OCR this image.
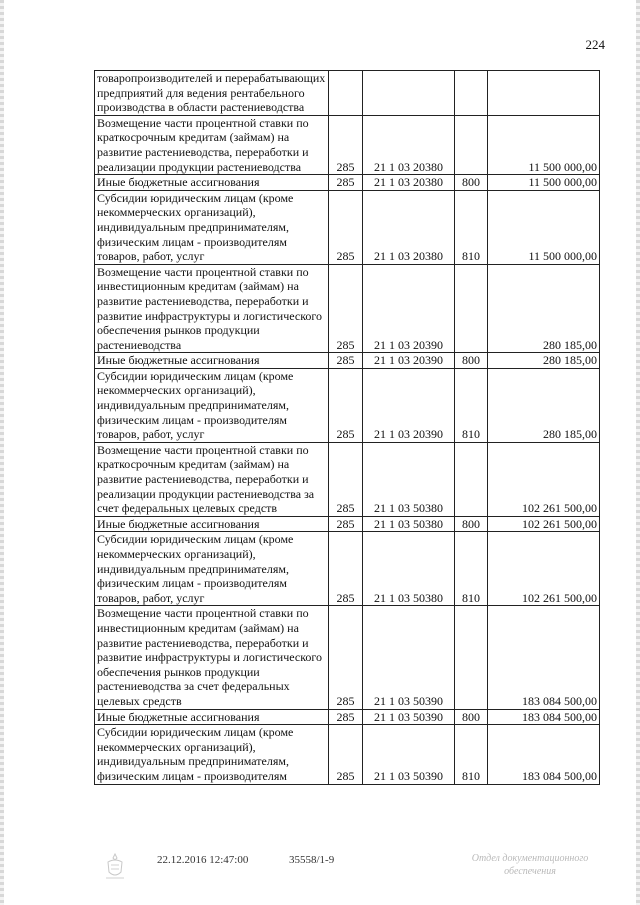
224
товаропроизводителей и перерабатывающих предприятий для ведения рентабельного производства в области растениеводства				
Возмещение части процентной ставки по краткосрочным кредитам (займам) на развитие растениеводства, переработки и реализации продукции растениеводства	285	21 1 03 20380		11 500 000,00
Иные бюджетные ассигнования	285	21 1 03 20380	800	11 500 000,00
Субсидии юридическим лицам (кроме некоммерческих организаций), индивидуальным предпринимателям, физическим лицам - производителям товаров, работ, услуг	285	21 1 03 20380	810	11 500 000,00
Возмещение части процентной ставки по инвестиционным кредитам (займам) на развитие растениеводства, переработки и развитие инфраструктуры и логистического обеспечения рынков продукции растениеводства	285	21 1 03 20390		280 185,00
Иные бюджетные ассигнования	285	21 1 03 20390	800	280 185,00
Субсидии юридическим лицам (кроме некоммерческих организаций), индивидуальным предпринимателям, физическим лицам - производителям товаров, работ, услуг	285	21 1 03 20390	810	280 185,00
Возмещение части процентной ставки по краткосрочным кредитам (займам) на развитие растениеводства, переработки и реализации продукции растениеводства за счет федеральных целевых средств	285	21 1 03 50380		102 261 500,00
Иные бюджетные ассигнования	285	21 1 03 50380	800	102 261 500,00
Субсидии юридическим лицам (кроме некоммерческих организаций), индивидуальным предпринимателям, физическим лицам - производителям товаров, работ, услуг	285	21 1 03 50380	810	102 261 500,00
Возмещение части процентной ставки по инвестиционным кредитам (займам) на развитие растениеводства, переработки и развитие инфраструктуры и логистического обеспечения рынков продукции растениеводства за счет федеральных целевых средств	285	21 1 03 50390		183 084 500,00
Иные бюджетные ассигнования	285	21 1 03 50390	800	183 084 500,00
Субсидии юридическим лицам (кроме некоммерческих организаций), индивидуальным предпринимателям, физическим лицам - производителям	285	21 1 03 50390	810	183 084 500,00
22.12.2016 12:47:00	35558/1-9	Отдел документационного обеспечения
